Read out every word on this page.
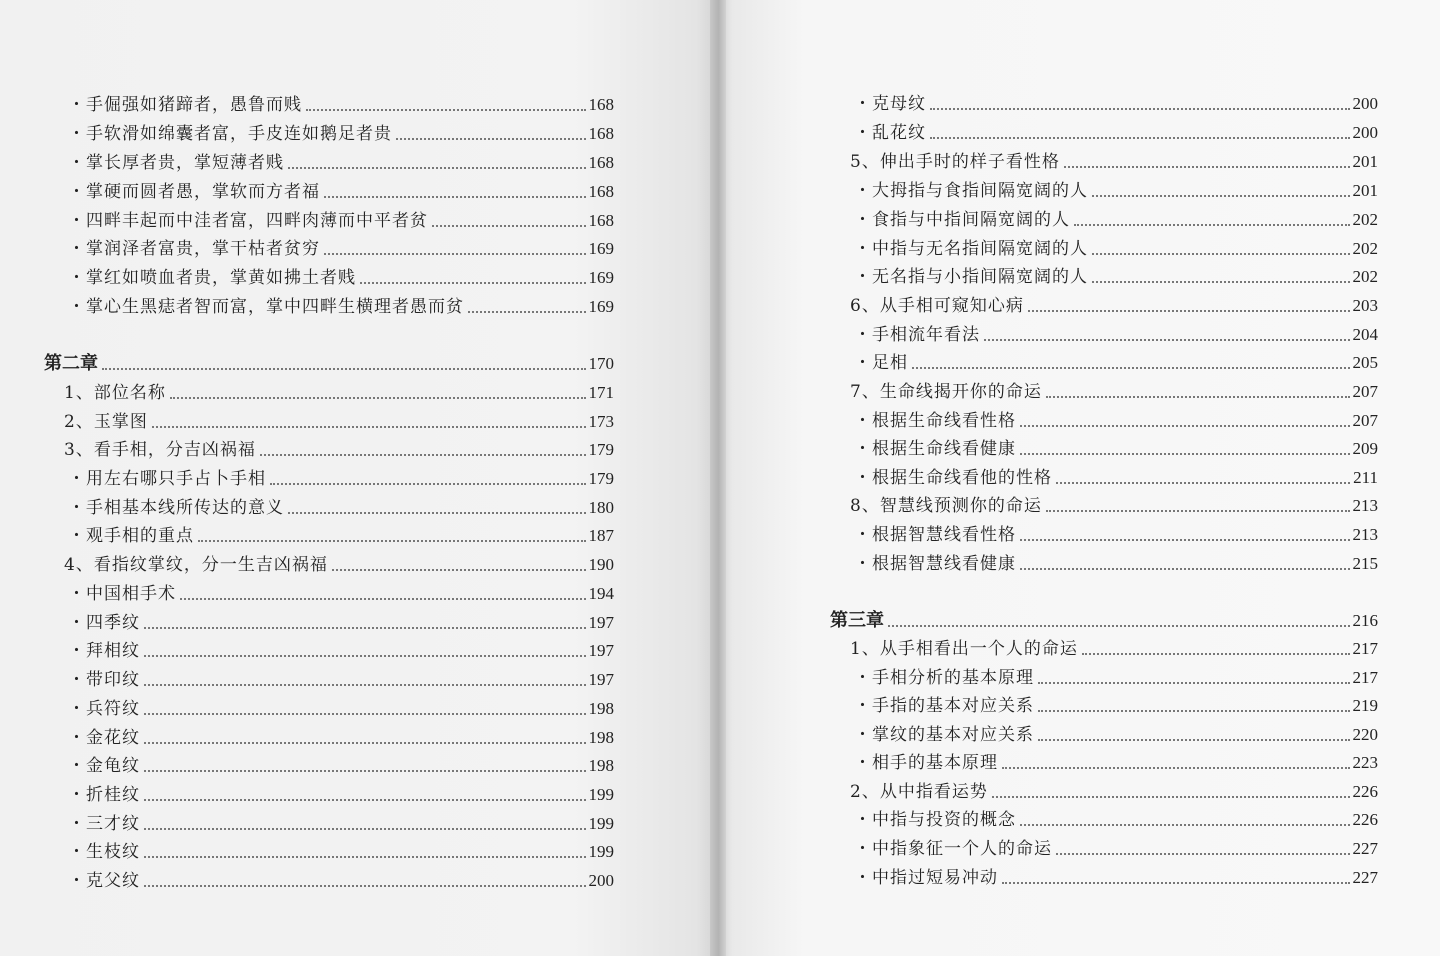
・手倔强如猪蹄者，愚鲁而贱	168
・手软滑如绵囊者富，手皮连如鹅足者贵	168
・掌长厚者贵，掌短薄者贱	168
・掌硬而圆者愚，掌软而方者福	168
・四畔丰起而中洼者富，四畔肉薄而中平者贫	168
・掌润泽者富贵，掌干枯者贫穷	169
・掌红如喷血者贵，掌黄如拂土者贱	169
・掌心生黑痣者智而富，掌中四畔生横理者愚而贫	169
第二章	170
1、部位名称	171
2、玉掌图	173
3、看手相，分吉凶祸福	179
・用左右哪只手占卜手相	179
・手相基本线所传达的意义	180
・观手相的重点	187
4、看指纹掌纹，分一生吉凶祸福	190
・中国相手术	194
・四季纹	197
・拜相纹	197
・带印纹	197
・兵符纹	198
・金花纹	198
・金龟纹	198
・折桂纹	199
・三才纹	199
・生枝纹	199
・克父纹	200
・克母纹	200
・乱花纹	200
5、伸出手时的样子看性格	201
・大拇指与食指间隔宽阔的人	201
・食指与中指间隔宽阔的人	202
・中指与无名指间隔宽阔的人	202
・无名指与小指间隔宽阔的人	202
6、从手相可窥知心病	203
・手相流年看法	204
・足相	205
7、生命线揭开你的命运	207
・根据生命线看性格	207
・根据生命线看健康	209
・根据生命线看他的性格	211
8、智慧线预测你的命运	213
・根据智慧线看性格	213
・根据智慧线看健康	215
第三章	216
1、从手相看出一个人的命运	217
・手相分析的基本原理	217
・手指的基本对应关系	219
・掌纹的基本对应关系	220
・相手的基本原理	223
2、从中指看运势	226
・中指与投资的概念	226
・中指象征一个人的命运	227
・中指过短易冲动	227
